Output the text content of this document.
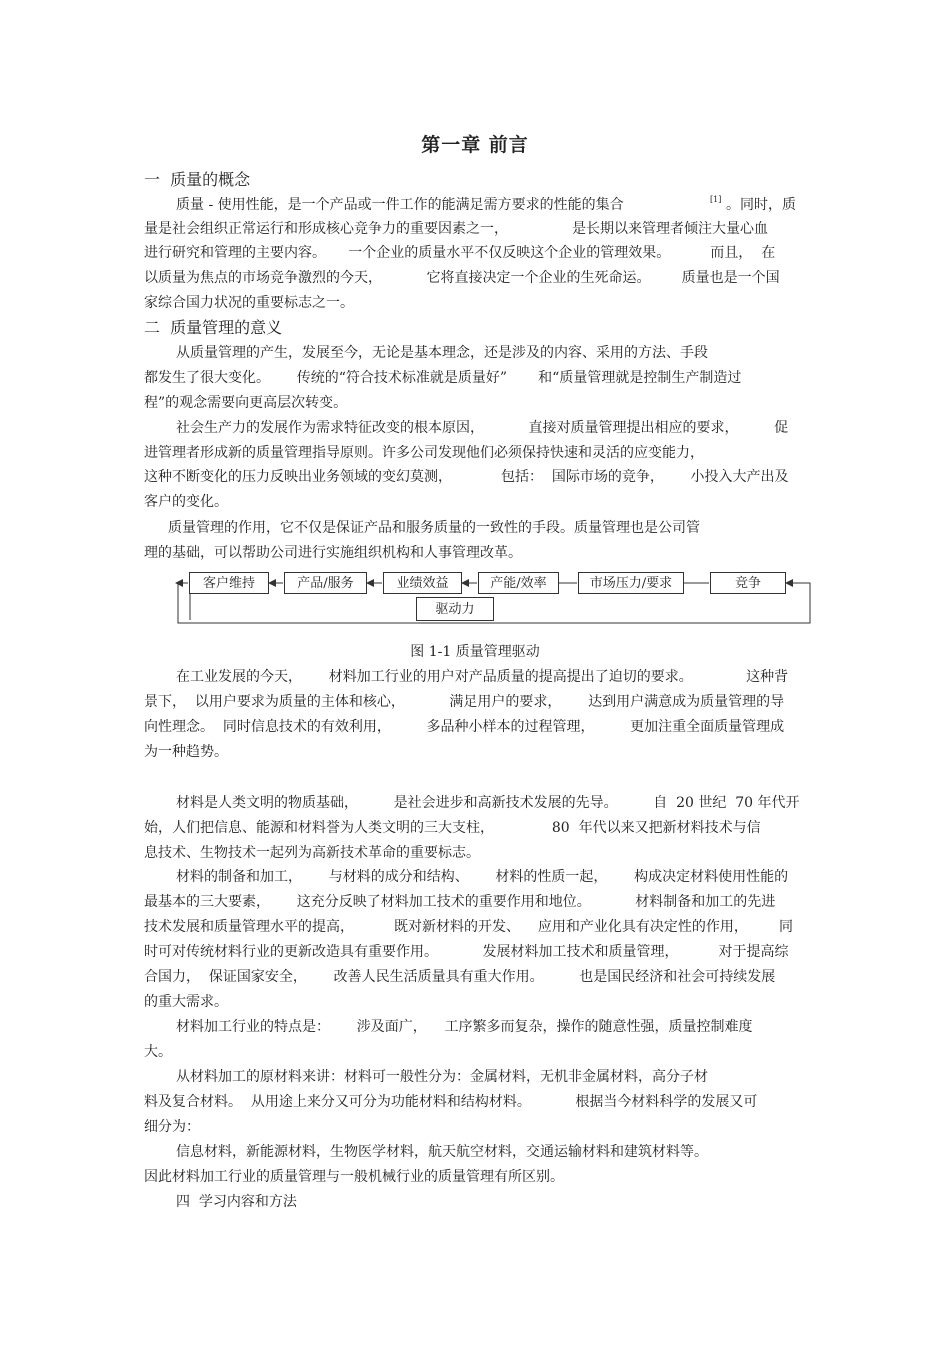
第一章 前言

一  质量的概念

质量 - 使用性能，是一个产品或一件工作的能满足需方要求的性能的集合	[1] 。同时，质

量是社会组织正常运行和形成核心竞争力的重要因素之一，	是长期以来管理者倾注大量心血

进行研究和管理的主要内容。     一个企业的质量水平不仅反映这个企业的管理效果。         而且，  在

以质量为焦点的市场竞争激烈的今天，          它将直接决定一个企业的生死命运。       质量也是一个国

家综合国力状况的重要标志之一。

二  质量管理的意义

从质量管理的产生，发展至今，无论是基本理念，还是涉及的内容、采用的方法、手段

都发生了很大变化。      传统的“符合技术标准就是质量好”       和“质量管理就是控制生产制造过

程”的观念需要向更高层次转变。

社会生产力的发展作为需求特征改变的根本原因，          直接对质量管理提出相应的要求，        促

进管理者形成新的质量管理指导原则。许多公司发现他们必须保持快速和灵活的应变能力，

这种不断变化的压力反映出业务领域的变幻莫测，           包括：  国际市场的竞争，      小投入大产出及

客户的变化。

质量管理的作用，它不仅是保证产品和服务质量的一致性的手段。质量管理也是公司管

理的基础，可以帮助公司进行实施组织机构和人事管理改革。

客户维持	产品/服务	业绩效益	产能/效率	市场压力/要求	竞争
驱动力

图 1-1 质量管理驱动

在工业发展的今天，      材料加工行业的用户对产品质量的提高提出了迫切的要求。            这种背

景下，  以用户要求为质量的主体和核心，          满足用户的要求，      达到用户满意成为质量管理的导

向性理念。  同时信息技术的有效利用，        多品种小样本的过程管理，        更加注重全面质量管理成

为一种趋势。

材料是人类文明的物质基础，        是社会进步和高新技术发展的先导。        自  20 世纪  70 年代开

始，人们把信息、能源和材料誉为人类文明的三大支柱，             80  年代以来又把新材料技术与信

息技术、生物技术一起列为高新技术革命的重要标志。

材料的制备和加工，      与材料的成分和结构、      材料的性质一起，      构成决定材料使用性能的

最基本的三大要素，      这充分反映了材料加工技术的重要作用和地位。          材料制备和加工的先进

技术发展和质量管理水平的提高，         既对新材料的开发、    应用和产业化具有决定性的作用，       同

时可对传统材料行业的更新改造具有重要作用。          发展材料加工技术和质量管理，         对于提高综

合国力，  保证国家安全，      改善人民生活质量具有重大作用。        也是国民经济和社会可持续发展

的重大需求。

材料加工行业的特点是：      涉及面广，    工序繁多而复杂，操作的随意性强，质量控制难度

大。

从材料加工的原材料来讲：材料可一般性分为：金属材料，无机非金属材料，高分子材

料及复合材料。  从用途上来分又可分为功能材料和结构材料。          根据当今材料科学的发展又可

细分为：

信息材料，新能源材料，生物医学材料，航天航空材料，交通运输材料和建筑材料等。

因此材料加工行业的质量管理与一般机械行业的质量管理有所区别。

四  学习内容和方法
